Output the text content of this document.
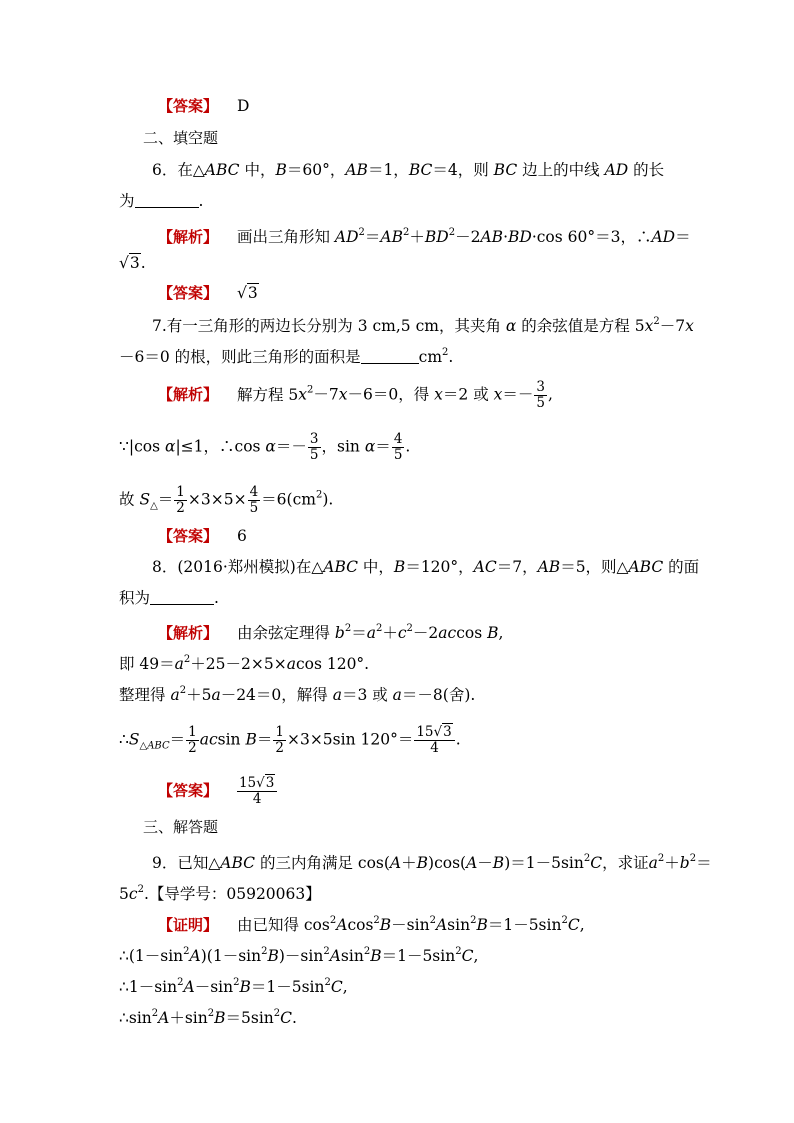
【答案】 D
二、填空题
6．在△ABC 中，B＝60°，AB＝1，BC＝4，则 BC 边上的中线 AD 的长
为	.
【解析】 画出三角形知 $AD^2=AB^2+BD^2-2AB\cdot BD\cdot\cos$ 60°＝3，∴AD＝
√3.
【答案】 √3
7.有一三角形的两边长分别为 3 cm,5 cm，其夹角 α 的余弦值是方程 $5x^2-7x$
－6＝0 的根，则此三角形的面积是	$cm^2$.
【解析】 解方程 $5x^2-7x-6=0$，得 x＝2 或 $x=- \frac{3}{5}$ ,
∵|cos α|≤1，∴cos $\alpha=- \frac{3}{5}$ ，$\sin \alpha= \frac{4}{5}$ .
故 $S_\triangle= \frac{1}{2} \times 3\times 5\times \frac{4}{5} =6(cm^2)$.
【答案】 6
8．(2016·郑州模拟)在△ABC 中，B＝120°，AC＝7，AB＝5，则△ABC 的面
积为	.
【解析】 由余弦定理得 $b^2=a^2+c^2-2accos$ B,
即 $49=a^2+25-2\times 5\times acos$ 120°.
整理得 $a^2+5a-24=0$，解得 a＝3 或 a＝－8(舍).
$\therefore S_{\triangle ABC}= \frac{1}{2}$ acsin $B= \frac{1}{2} \times 3\times 5\sin$ $120^\circ= \frac{15√3}{4}$ .
【答案】 $\frac{15√3}{4}$
三、解答题
9．已知△ABC 的三内角满足 $\cos(A+B)\cos(A-B)=1-5\sin^2C$，求证$a^2+b^2=$
$5c^2$.【导学号：05920063】
【证明】 由已知得 $\cos^2Acos^2B-\sin^2Asin^2B=1-5\sin^2C$,
$\therefore(1-\sin^2A)(1-\sin^2B)-\sin^2Asin^2B=1-5\sin^2C$,
$\therefore 1-\sin^2A-\sin^2B=1-5\sin^2C$,
$\therefore\sin^2A+\sin^2B=5\sin^2C$.
